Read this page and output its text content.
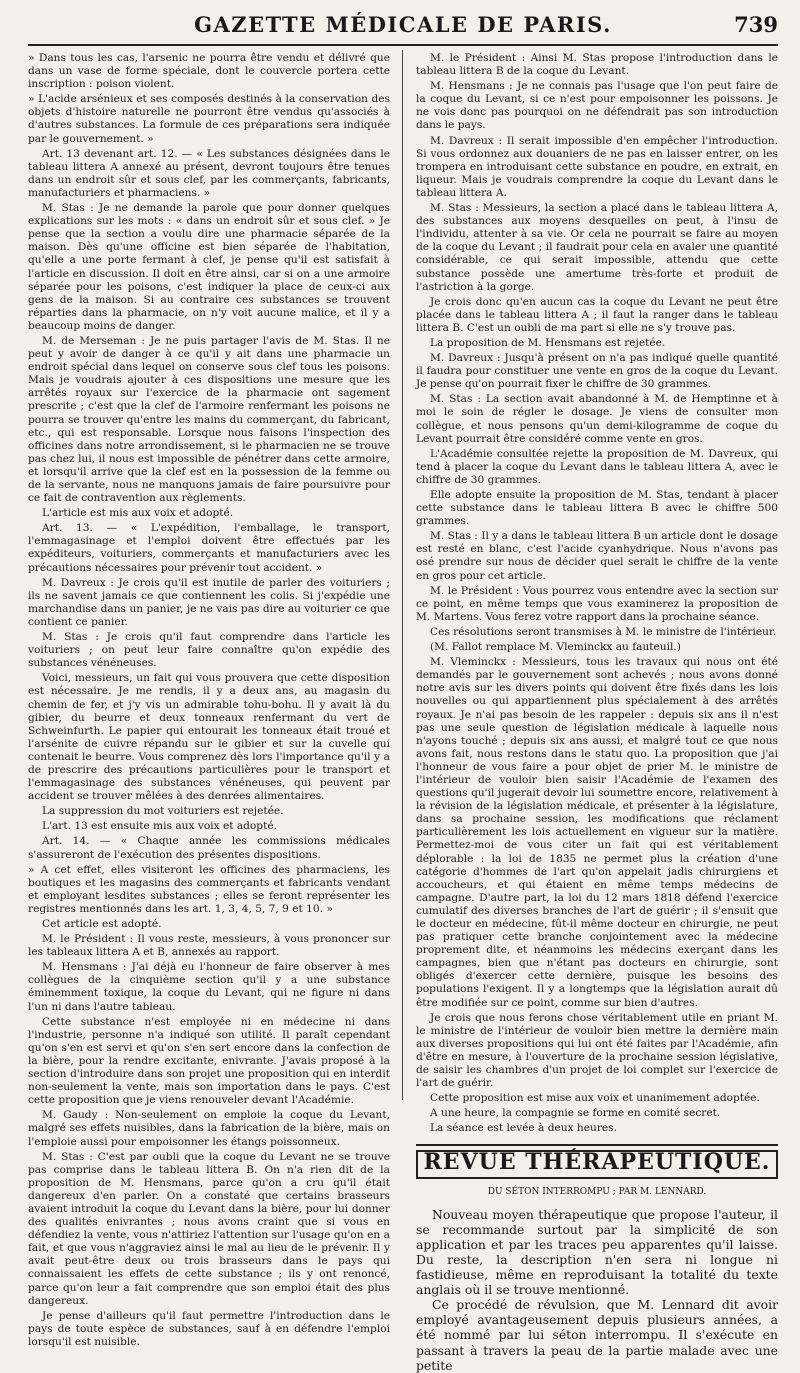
GAZETTE MÉDICALE DE PARIS.	739

» Dans tous les cas, l'arsenic ne pourra être vendu et délivré que dans un vase de forme spéciale, dont le couvercle portera cette inscription : poison violent.

» L'acide arsénieux et ses composés destinés à la conservation des objets d'histoire naturelle ne pourront être vendus qu'associés à d'autres substances. La formule de ces préparations sera indiquée par le gouvernement. »

Art. 13 devenant art. 12. — « Les substances désignées dans le tableau littera A annexé au présent, devront toujours être tenues dans un endroit sûr et sous clef, par les commerçants, fabricants, manufacturiers et pharmaciens. »

M. Stas : Je ne demande la parole que pour donner quelques explications sur les mots : « dans un endroit sûr et sous clef. » Je pense que la section a voulu dire une pharmacie séparée de la maison. Dès qu'une officine est bien séparée de l'habitation, qu'elle a une porte fermant à clef, je pense qu'il est satisfait à l'article en discussion. Il doit en être ainsi, car si on a une armoire séparée pour les poisons, c'est indiquer la place de ceux-ci aux gens de la maison. Si au contraire ces substances se trouvent réparties dans la pharmacie, on n'y voit aucune malice, et il y a beaucoup moins de danger.

M. de Merseman : Je ne puis partager l'avis de M. Stas. Il ne peut y avoir de danger à ce qu'il y ait dans une pharmacie un endroit spécial dans lequel on conserve sous clef tous les poisons. Mais je voudrais ajouter à ces dispositions une mesure que les arrêtés royaux sur l'exercice de la pharmacie ont sagement prescrite ; c'est que la clef de l'armoire renfermant les poisons ne pourra se trouver qu'entre les mains du commerçant, du fabricant, etc., qui est responsable. Lorsque nous faisons l'inspection des officines dans notre arrondissement, si le pharmacien ne se trouve pas chez lui, il nous est impossible de pénétrer dans cette armoire, et lorsqu'il arrive que la clef est en la possession de la femme ou de la servante, nous ne manquons jamais de faire poursuivre pour ce fait de contravention aux règlements.

L'article est mis aux voix et adopté.

Art. 13. — « L'expédition, l'emballage, le transport, l'emmagasinage et l'emploi doivent être effectués par les expéditeurs, voituriers, commerçants et manufacturiers avec les précautions nécessaires pour prévenir tout accident. »

M. Davreux : Je crois qu'il est inutile de parler des voituriers ; ils ne savent jamais ce que contiennent les colis. Si j'expédie une marchandise dans un panier, je ne vais pas dire au voiturier ce que contient ce panier.

M. Stas : Je crois qu'il faut comprendre dans l'article les voituriers ; on peut leur faire connaître qu'on expédie des substances vénéneuses.

Voici, messieurs, un fait qui vous prouvera que cette disposition est nécessaire. Je me rendis, il y a deux ans, au magasin du chemin de fer, et j'y vis un admirable tohu-bohu. Il y avait là du gibier, du beurre et deux tonneaux renfermant du vert de Schweinfurth. Le papier qui entourait les tonneaux était troué et l'arsénite de cuivre répandu sur le gibier et sur la cuvelle qui contenait le beurre. Vous comprenez dès lors l'importance qu'il y a de prescrire des précautions particulières pour le transport et l'emmagasinage des substances vénéneuses, qui peuvent par accident se trouver mêlées à des denrées alimentaires.

La suppression du mot voituriers est rejetée.

L'art. 13 est ensuite mis aux voix et adopté.

Art. 14. — « Chaque année les commissions médicales s'assureront de l'exécution des présentes dispositions.

» A cet effet, elles visiteront les officines des pharmaciens, les boutiques et les magasins des commerçants et fabricants vendant et employant lesdites substances ; elles se feront représenter les registres mentionnés dans les art. 1, 3, 4, 5, 7, 9 et 10. »

Cet article est adopté.

M. le Président : Il vous reste, messieurs, à vous prononcer sur les tableaux littera A et B, annexés au rapport.

M. Hensmans : J'ai déjà eu l'honneur de faire observer à mes collègues de la cinquième section qu'il y a une substance éminemment toxique, la coque du Levant, qui ne figure ni dans l'un ni dans l'autre tableau.

Cette substance n'est employée ni en médecine ni dans l'industrie, personne n'a indiqué son utilité. Il paraît cependant qu'on s'en est servi et qu'on s'en sert encore dans la confection de la bière, pour la rendre excitante, enivrante. J'avais proposé à la section d'introduire dans son projet une proposition qui en interdit non-seulement la vente, mais son importation dans le pays. C'est cette proposition que je viens renouveler devant l'Académie.

M. Gaudy : Non-seulement on emploie la coque du Levant, malgré ses effets nuisibles, dans la fabrication de la bière, mais on l'emploie aussi pour empoisonner les étangs poissonneux.

M. Stas : C'est par oubli que la coque du Levant ne se trouve pas comprise dans le tableau littera B. On n'a rien dit de la proposition de M. Hensmans, parce qu'on a cru qu'il était dangereux d'en parler. On a constaté que certains brasseurs avaient introduit la coque du Levant dans la bière, pour lui donner des qualités enivrantes ; nous avons craint que si vous en défendiez la vente, vous n'attiriez l'attention sur l'usage qu'on en a fait, et que vous n'aggraviez ainsi le mal au lieu de le prévenir. Il y avait peut-être deux ou trois brasseurs dans le pays qui connaissaient les effets de cette substance ; ils y ont renoncé, parce qu'on leur a fait comprendre que son emploi était des plus dangereux.

Je pense d'ailleurs qu'il faut permettre l'introduction dans le pays de toute espèce de substances, sauf à en défendre l'emploi lorsqu'il est nuisible.

M. le Président : Ainsi M. Stas propose l'introduction dans le tableau littera B de la coque du Levant.

M. Hensmans : Je ne connais pas l'usage que l'on peut faire de la coque du Levant, si ce n'est pour empoisonner les poissons. Je ne vois donc pas pourquoi on ne défendrait pas son introduction dans le pays.

M. Davreux : Il serait impossible d'en empêcher l'introduction. Si vous ordonnez aux douaniers de ne pas en laisser entrer, on les trompera en introduisant cette substance en poudre, en extrait, en liqueur. Mais je voudrais comprendre la coque du Levant dans le tableau littera A.

M. Stas : Messieurs, la section a placé dans le tableau littera A, des substances aux moyens desquelles on peut, à l'insu de l'individu, attenter à sa vie. Or cela ne pourrait se faire au moyen de la coque du Levant ; il faudrait pour cela en avaler une quantité considérable, ce qui serait impossible, attendu que cette substance possède une amertume très-forte et produit de l'astriction à la gorge.

Je crois donc qu'en aucun cas la coque du Levant ne peut être placée dans le tableau littera A ; il faut la ranger dans le tableau littera B. C'est un oubli de ma part si elle ne s'y trouve pas.

La proposition de M. Hensmans est rejetée.

M. Davreux : Jusqu'à présent on n'a pas indiqué quelle quantité il faudra pour constituer une vente en gros de la coque du Levant. Je pense qu'on pourrait fixer le chiffre de 30 grammes.

M. Stas : La section avait abandonné à M. de Hemptinne et à moi le soin de régler le dosage. Je viens de consulter mon collègue, et nous pensons qu'un demi-kilogramme de coque du Levant pourrait être considéré comme vente en gros.

L'Académie consultée rejette la proposition de M. Davreux, qui tend à placer la coque du Levant dans le tableau littera A, avec le chiffre de 30 grammes.

Elle adopte ensuite la proposition de M. Stas, tendant à placer cette substance dans le tableau littera B avec le chiffre 500 grammes.

M. Stas : Il y a dans le tableau littera B un article dont le dosage est resté en blanc, c'est l'acide cyanhydrique. Nous n'avons pas osé prendre sur nous de décider quel serait le chiffre de la vente en gros pour cet article.

M. le Président : Vous pourrez vous entendre avec la section sur ce point, en même temps que vous examinerez la proposition de M. Martens. Vous ferez votre rapport dans la prochaine séance.

Ces résolutions seront transmises à M. le ministre de l'intérieur.

(M. Fallot remplace M. Vleminckx au fauteuil.)

M. Vleminckx : Messieurs, tous les travaux qui nous ont été demandés par le gouvernement sont achevés ; nous avons donné notre avis sur les divers points qui doivent être fixés dans les lois nouvelles ou qui appartiennent plus spécialement à des arrêtés royaux. Je n'ai pas besoin de les rappeler : depuis six ans il n'est pas une seule question de législation médicale à laquelle nous n'ayons touché ; depuis six ans aussi, et malgré tout ce que nous avons fait, nous restons dans le statu quo. La proposition que j'ai l'honneur de vous faire a pour objet de prier M. le ministre de l'intérieur de vouloir bien saisir l'Académie de l'examen des questions qu'il jugerait devoir lui soumettre encore, relativement à la révision de la législation médicale, et présenter à la législature, dans sa prochaine session, les modifications que réclament particulièrement les lois actuellement en vigueur sur la matière. Permettez-moi de vous citer un fait qui est véritablement déplorable : la loi de 1835 ne permet plus la création d'une catégorie d'hommes de l'art qu'on appelait jadis chirurgiens et accoucheurs, et qui étaient en même temps médecins de campagne. D'autre part, la loi du 12 mars 1818 défend l'exercice cumulatif des diverses branches de l'art de guérir ; il s'ensuit que le docteur en médecine, fût-il même docteur en chirurgie, ne peut pas pratiquer cette branche conjointement avec la médecine proprement dite, et néanmoins les médecins exerçant dans les campagnes, bien que n'étant pas docteurs en chirurgie, sont obligés d'exercer cette dernière, puisque les besoins des populations l'exigent. Il y a longtemps que la législation aurait dû être modifiée sur ce point, comme sur bien d'autres.

Je crois que nous ferons chose véritablement utile en priant M. le ministre de l'intérieur de vouloir bien mettre la dernière main aux diverses propositions qui lui ont été faites par l'Académie, afin d'être en mesure, à l'ouverture de la prochaine session législative, de saisir les chambres d'un projet de loi complet sur l'exercice de l'art de guérir.

Cette proposition est mise aux voix et unanimement adoptée.

A une heure, la compagnie se forme en comité secret.

La séance est levée à deux heures.

REVUE THÉRAPEUTIQUE.
DU SÉTON INTERROMPU ; PAR M. LENNARD.

Nouveau moyen thérapeutique que propose l'auteur, il se recommande surtout par la simplicité de son application et par les traces peu apparentes qu'il laisse. Du reste, la description n'en sera ni longue ni fastidieuse, même en reproduisant la totalité du texte anglais où il se trouve mentionné.

Ce procédé de révulsion, que M. Lennard dit avoir employé avantageusement depuis plusieurs années, a été nommé par lui séton interrompu. Il s'exécute en passant à travers la peau de la partie malade avec une petite
